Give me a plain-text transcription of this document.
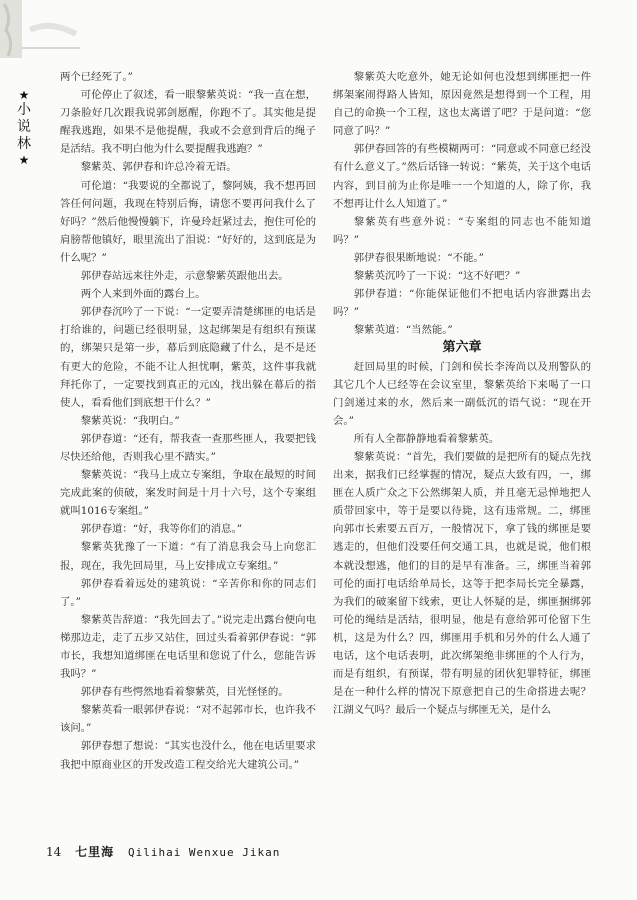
★
小
说
林
★

两个已经死了。”

可伦停止了叙述，看一眼黎紫英说：“我一直在想，刀条脸好几次跟我说郭剑愿醒，你跑不了。其实他是提醒我逃跑，如果不是他提醒，我或不会意到背后的绳子是活结。我不明白他为什么要提醒我逃跑？”

黎紫英、郭伊春和许总冷着无语。

可伦道：“我要说的全都说了，黎阿姨，我不想再回答任何问题，我现在特别后悔，请您不要再问我什么了好吗？”然后他慢慢躺下，许曼玲赶紧过去，抱住可伦的肩膀帮他镇好，眼里流出了泪说：“好好的，这到底是为什么呢？”

郭伊春站远来往外走，示意黎紫英跟他出去。

两个人来到外面的露台上。

郭伊春沉吟了一下说：“一定要弄清楚绑匪的电话是打给谁的，问题已经很明显，这起绑架是有组织有预谋的，绑架只是第一步，幕后到底隐藏了什么，是不是还有更大的危险，不能不让人担忧啊，紫英，这件事我就拜托你了，一定要找到真正的元凶，找出躲在幕后的指使人，看看他们到底想干什么？”

黎紫英说：“我明白。”

郭伊春道：“还有，帮我查一查那些匪人，我要把钱尽快还给他，否则我心里不踏实。”

黎紫英说：“我马上成立专案组，争取在最短的时间完成此案的侦破，案发时间是十月十六号，这个专案组就叫1016专案组。”

郭伊春道：“好，我等你们的消息。”

黎紫英犹豫了一下道：“有了消息我会马上向您汇报，现在，我先回局里，马上安排成立专案组。”

郭伊春看着远处的建筑说：“辛苦你和你的同志们了。”

黎紫英告辞道：“我先回去了。”说完走出露台便向电梯那边走，走了五步又站住，回过头看着郭伊春说：“郭市长，我想知道绑匪在电话里和您说了什么，您能告诉我吗？”

郭伊春有些愕然地看着黎紫英，目光怪怪的。

黎紫英看一眼郭伊春说：“对不起郭市长，也许我不该问。”

郭伊春想了想说：“其实也没什么，他在电话里要求我把中原商业区的开发改造工程交给光大建筑公司。”

黎紫英大吃意外，她无论如何也没想到绑匪把一件绑架案闹得路人皆知，原因竟然是想得到一个工程，用自己的命换一个工程，这也太离谱了吧？于是问道：“您同意了吗？”

郭伊春回答的有些模糊两可：“同意或不同意已经没有什么意义了。”然后话锋一转说：“紫英，关于这个电话内容，到目前为止你是唯一一个知道的人，除了你，我不想再让什么人知道了。”

黎紫英有些意外说：“专案组的同志也不能知道吗？”

郭伊春很果断地说：“不能。”

黎紫英沉吟了一下说：“这不好吧？”

郭伊春道：“你能保证他们不把电话内容泄露出去吗？”

黎紫英道：“当然能。”

第六章

赶回局里的时候，门剑和侯长李涛尚以及刑警队的其它几个人已经等在会议室里，黎紫英给下来喝了一口门剑递过来的水，然后来一副低沉的语气说：“现在开会。”

所有人全都静静地看着黎紫英。

黎紫英说：“首先，我们要做的是把所有的疑点先找出来，据我们已经掌握的情况，疑点大致有四，一，绑匪在人质广众之下公然绑架人质，并且毫无忌惮地把人质带回家中，等于是要以待毙，这有违常规。二，绑匪向郭市长索要五百万，一般情况下，拿了钱的绑匪是要逃走的，但他们没要任何交通工具，也就是说，他们根本就没想逃，他们的目的是早有准备。三，绑匪当着郭可伦的面打电话给单局长，这等于把李局长完全暴露，为我们的破案留下线索，更让人怀疑的是，绑匪捆绑郭可伦的绳结是活结，很明显，他是有意给郭可伦留下生机，这是为什么？四，绑匪用手机和另外的什么人通了电话，这个电话表明，此次绑架绝非绑匪的个人行为，而是有组织，有预谋，带有明显的团伙犯罪特征，绑匪是在一种什么样的情况下原意把自己的生命搭进去呢？江湖义气吗？最后一个疑点与绑匪无关，是什么

14 七里海 Qilihai Wenxue Jikan
